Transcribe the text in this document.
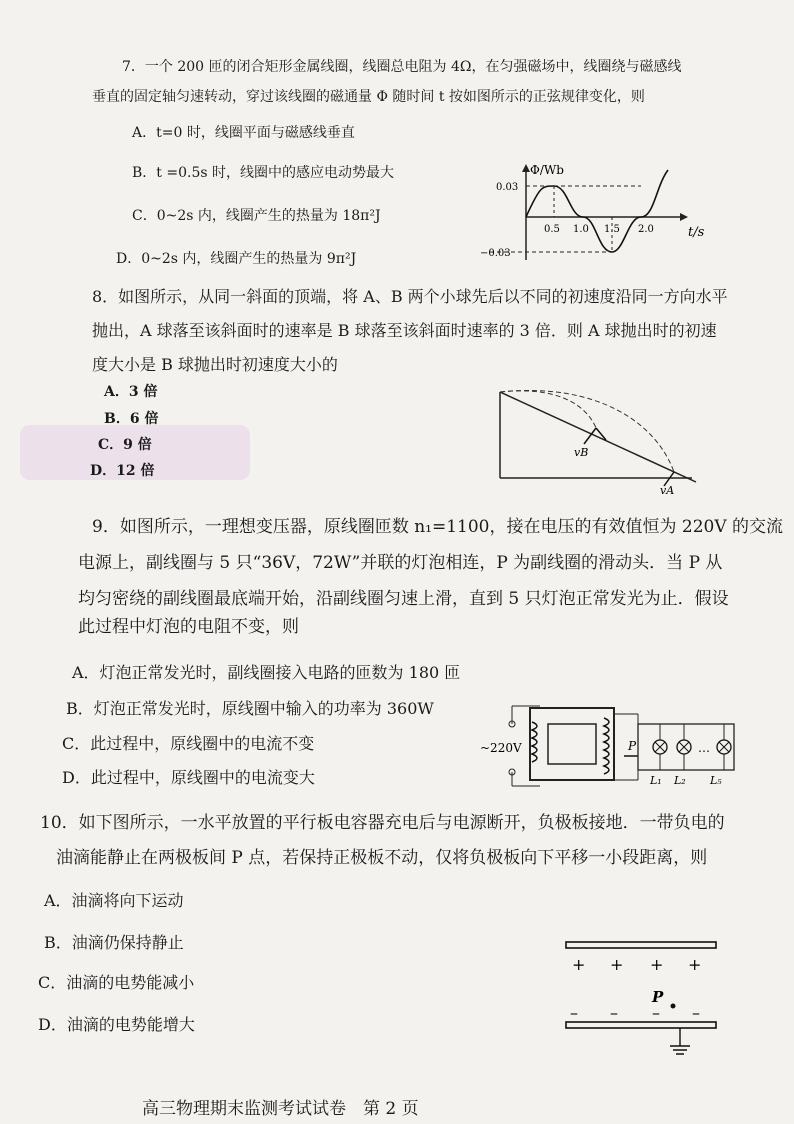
7．一个 200 匝的闭合矩形金属线圈，线圈总电阻为 4Ω，在匀强磁场中，线圈绕与磁感线
垂直的固定轴匀速转动，穿过该线圈的磁通量 Φ 随时间 t 按如图所示的正弦规律变化，则
A．t=0 时，线圈平面与磁感线垂直
B．t =0.5s 时，线圈中的感应电动势最大
C．0~2s 内，线圈产生的热量为 18π²J
D．0~2s 内，线圈产生的热量为 9π²J
Φ/Wb
t/s
0.03
−0.03
0.5 1.0 1.5 2.0
8．如图所示，从同一斜面的顶端，将 A、B 两个小球先后以不同的初速度沿同一方向水平
抛出，A 球落至该斜面时的速率是 B 球落至该斜面时速率的 3 倍．则 A 球抛出时的初速
度大小是 B 球抛出时初速度大小的
A．3 倍
B．6 倍
C．9 倍
D．12 倍
vB
vA
9．如图所示，一理想变压器，原线圈匝数 n₁=1100，接在电压的有效值恒为 220V 的交流
电源上，副线圈与 5 只“36V，72W”并联的灯泡相连，P 为副线圈的滑动头．当 P 从
均匀密绕的副线圈最底端开始，沿副线圈匀速上滑，直到 5 只灯泡正常发光为止．假设
此过程中灯泡的电阻不变，则
A．灯泡正常发光时，副线圈接入电路的匝数为 180 匝
B．灯泡正常发光时，原线圈中输入的功率为 360W
C．此过程中，原线圈中的电流不变
D．此过程中，原线圈中的电流变大
~220V	P	…
L₁ L₂ L₅
10．如下图所示，一水平放置的平行板电容器充电后与电源断开，负极板接地．一带负电的
油滴能静止在两极板间 P 点，若保持正极板不动，仅将负极板向下平移一小段距离，则
A．油滴将向下运动
B．油滴仍保持静止
C．油滴的电势能减小
D．油滴的电势能增大
+ + + +
P
– – – –
高三物理期末监测考试试卷　第 2 页
